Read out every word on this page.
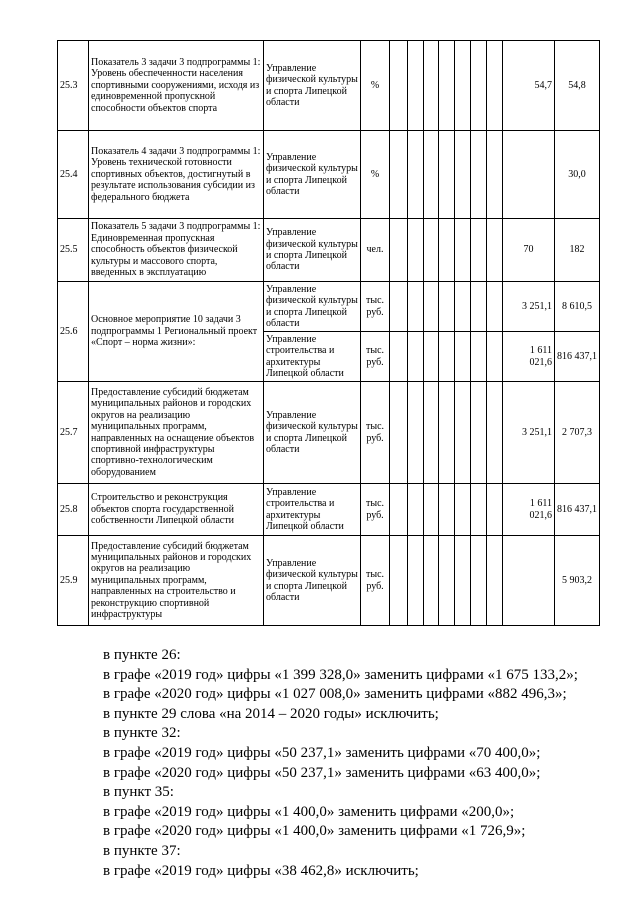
25.3	Показатель 3 задачи 3 подпрограммы 1: Уровень обеспеченности населения спортивными сооружениями, исходя из единовременной пропускной способности объектов спорта	Управление физической культуры и спорта Липецкой области	%								54,7	54,8
25.4	Показатель 4 задачи 3 подпрограммы 1: Уровень технической готовности спортивных объектов, достигнутый в результате использования субсидии из федерального бюджета	Управление физической культуры и спорта Липецкой области	%									30,0
25.5	Показатель 5 задачи 3 подпрограммы 1: Единовременная пропускная способность объектов физической культуры и массового спорта, введенных в эксплуатацию	Управление физической культуры и спорта Липецкой области	чел.								70	182
25.6	Основное мероприятие 10 задачи 3 подпрограммы 1 Региональный проект «Спорт – норма жизни»:	Управление физической культуры и спорта Липецкой области	тыс. руб.								3 251,1	8 610,5
		Управление строительства и архитектуры Липецкой области	тыс. руб.								1 611 021,6	816 437,1
25.7	Предоставление субсидий бюджетам муниципальных районов и городских округов на реализацию муниципальных программ, направленных на оснащение объектов спортивной инфраструктуры спортивно-технологическим оборудованием	Управление физической культуры и спорта Липецкой области	тыс. руб.								3 251,1	2 707,3
25.8	Строительство и реконструкция объектов спорта государственной собственности Липецкой области	Управление строительства и архитектуры Липецкой области	тыс. руб.								1 611 021,6	816 437,1
25.9	Предоставление субсидий бюджетам муниципальных районов и городских округов на реализацию муниципальных программ, направленных на строительство и реконструкцию спортивной инфраструктуры	Управление физической культуры и спорта Липецкой области	тыс. руб.									5 903,2
в пункте 26:
в графе «2019 год» цифры «1 399 328,0» заменить цифрами «1 675 133,2»;
в графе «2020 год» цифры «1 027 008,0» заменить цифрами «882 496,3»;
в пункте 29 слова «на 2014 – 2020 годы» исключить;
в пункте 32:
в графе «2019 год» цифры «50 237,1» заменить цифрами «70 400,0»;
в графе «2020 год» цифры «50 237,1» заменить цифрами «63 400,0»;
в пункт 35:
в графе «2019 год» цифры «1 400,0» заменить цифрами «200,0»;
в графе «2020 год» цифры «1 400,0» заменить цифрами «1 726,9»;
в пункте 37:
в графе «2019 год» цифры «38 462,8» исключить;
